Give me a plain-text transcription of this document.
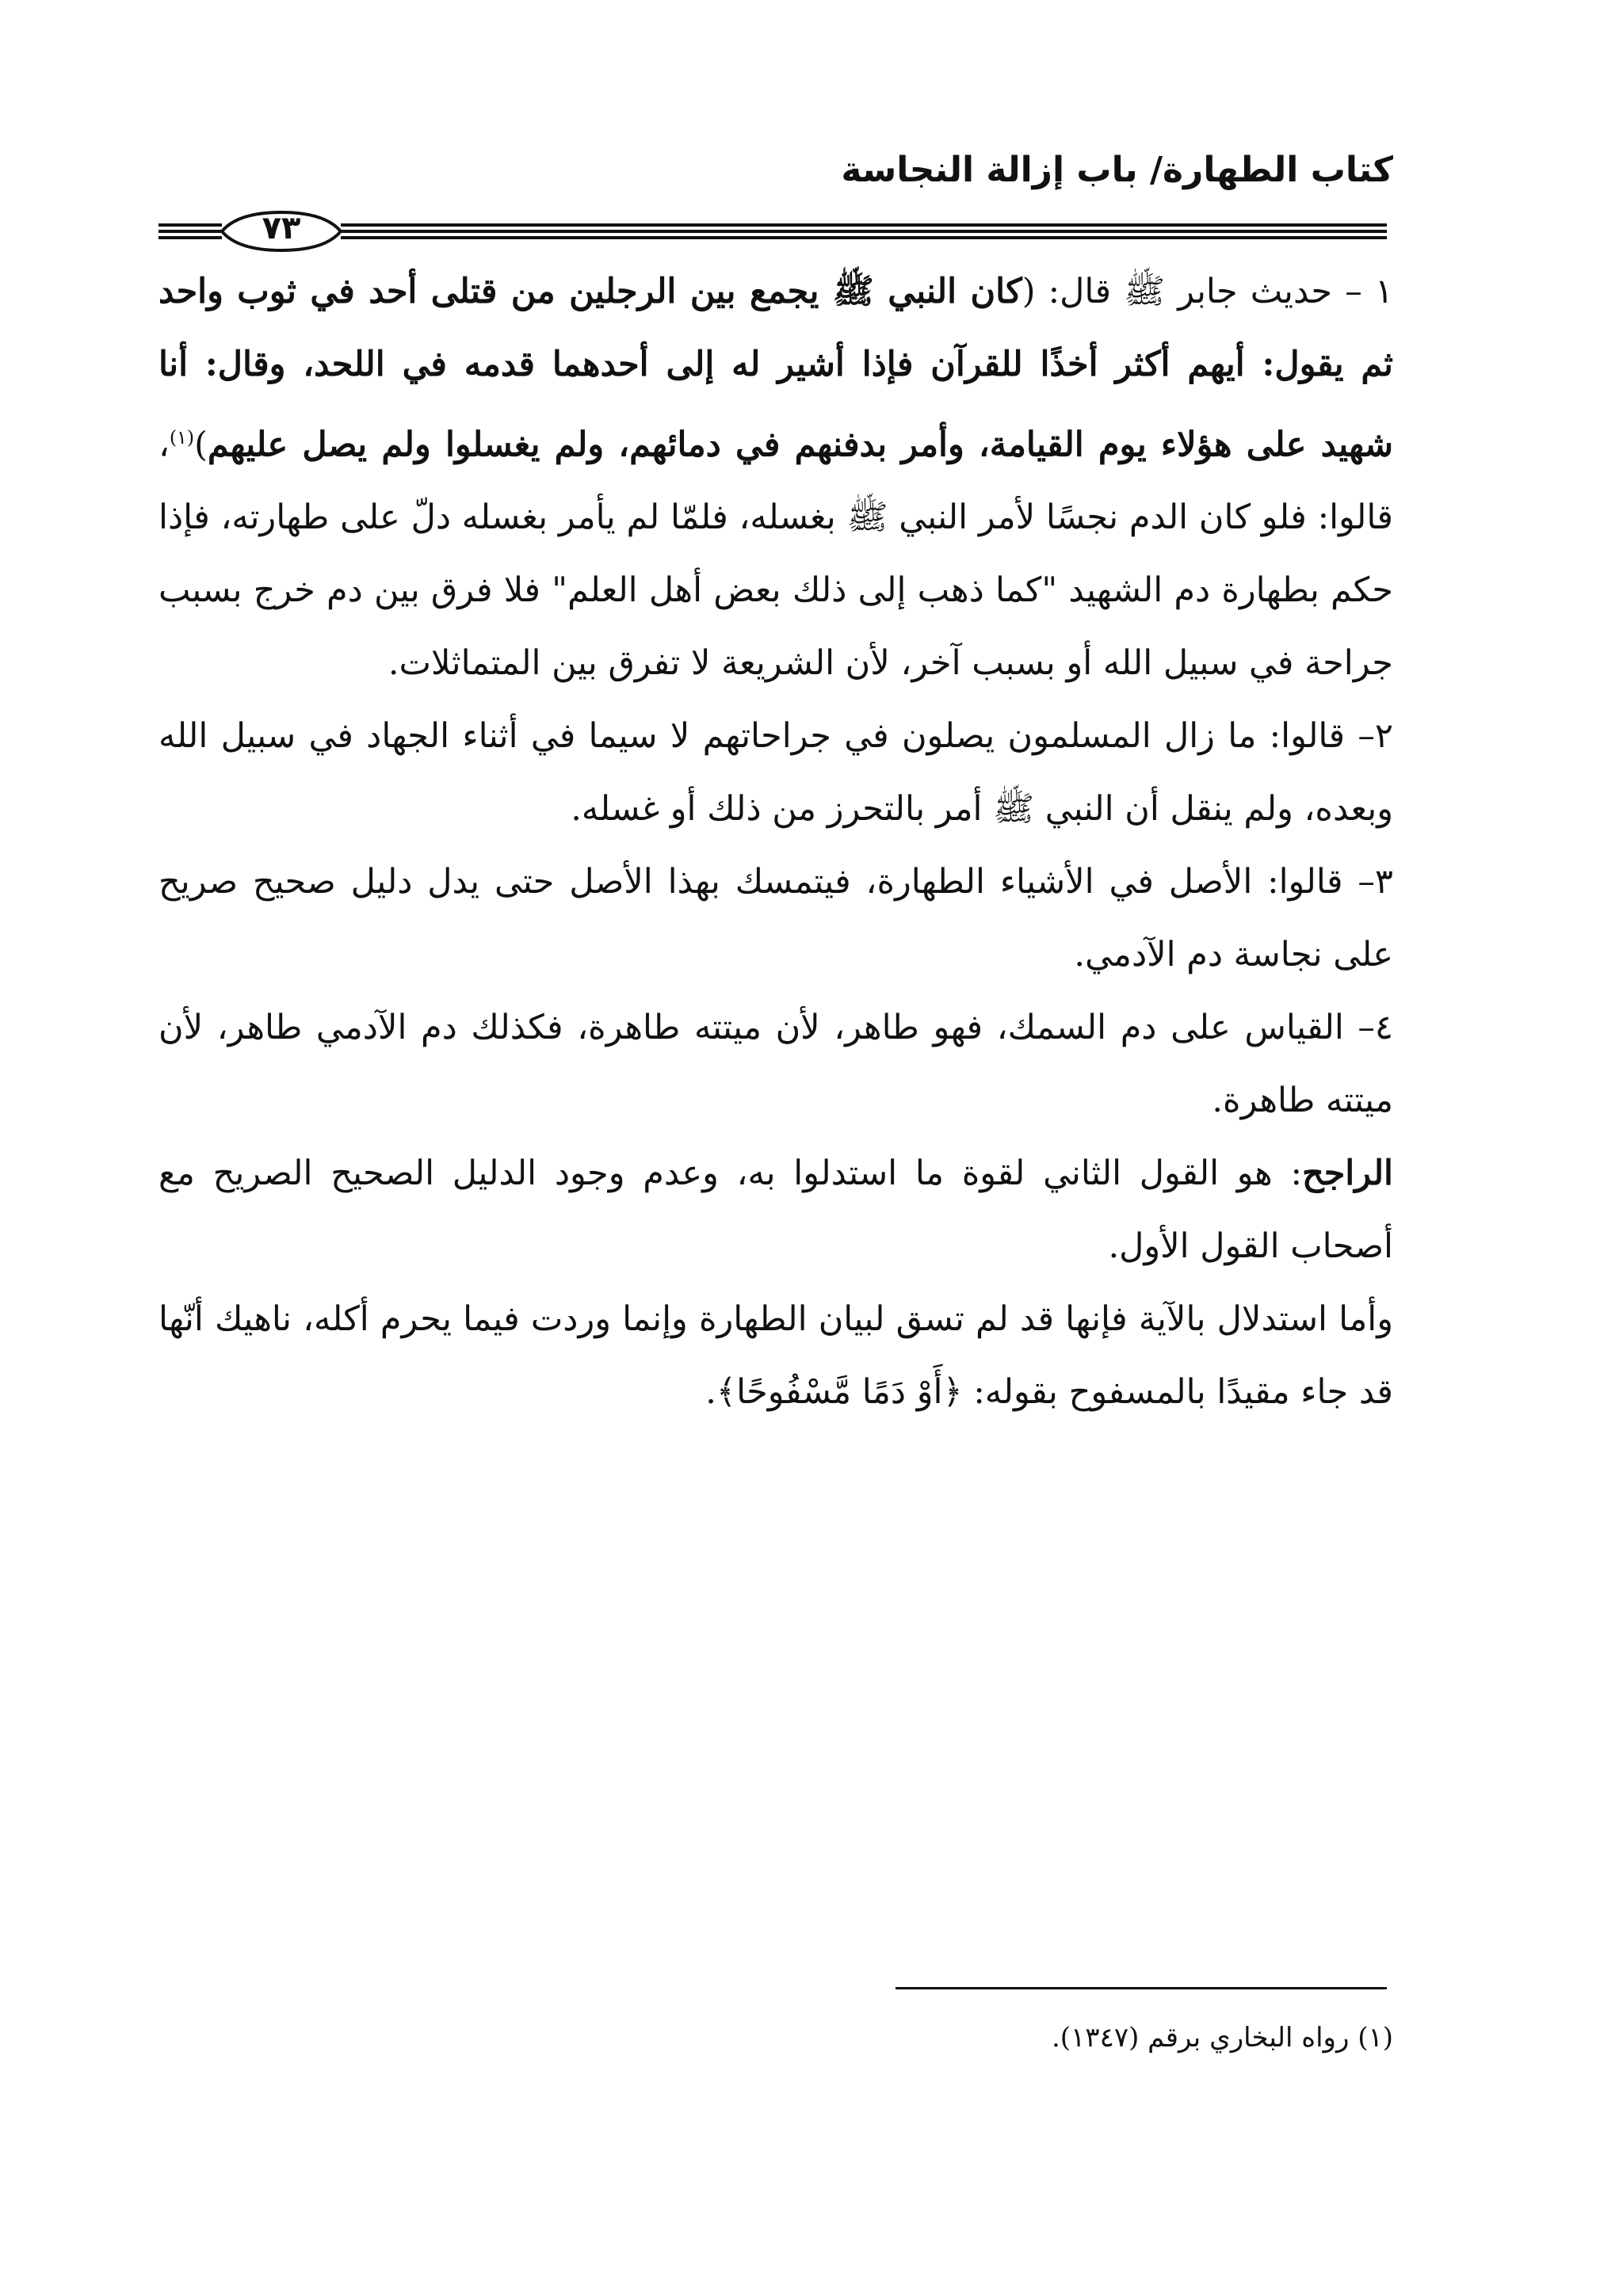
كتاب الطهارة/ باب إزالة النجاسة
٧٣

١ – حديث جابر ﷺ قال: (كان النبي ﷺ يجمع بين الرجلين من قتلى أحد في ثوب واحد ثم يقول: أيهم أكثر أخذًا للقرآن فإذا أشير له إلى أحدهما قدمه في اللحد، وقال: أنا شهيد على هؤلاء يوم القيامة، وأمر بدفنهم في دمائهم، ولم يغسلوا ولم يصل عليهم)$^{(١)}$، قالوا: فلو كان الدم نجسًا لأمر النبي ﷺ بغسله، فلمّا لم يأمر بغسله دلّ على طهارته، فإذا حكم بطهارة دم الشهيد "كما ذهب إلى ذلك بعض أهل العلم" فلا فرق بين دم خرج بسبب جراحة في سبيل الله أو بسبب آخر، لأن الشريعة لا تفرق بين المتماثلات.

٢– قالوا: ما زال المسلمون يصلون في جراحاتهم لا سيما في أثناء الجهاد في سبيل الله وبعده، ولم ينقل أن النبي ﷺ أمر بالتحرز من ذلك أو غسله.

٣– قالوا: الأصل في الأشياء الطهارة، فيتمسك بهذا الأصل حتى يدل دليل صحيح صريح على نجاسة دم الآدمي.

٤– القياس على دم السمك، فهو طاهر، لأن ميتته طاهرة، فكذلك دم الآدمي طاهر، لأن ميتته طاهرة.

الراجح: هو القول الثاني لقوة ما استدلوا به، وعدم وجود الدليل الصحيح الصريح مع أصحاب القول الأول.

وأما استدلال بالآية فإنها قد لم تسق لبيان الطهارة وإنما وردت فيما يحرم أكله، ناهيك أنّها قد جاء مقيدًا بالمسفوح بقوله: ﴿أَوْ دَمًا مَّسْفُوحًا﴾.

(١) رواه البخاري برقم (١٣٤٧).
